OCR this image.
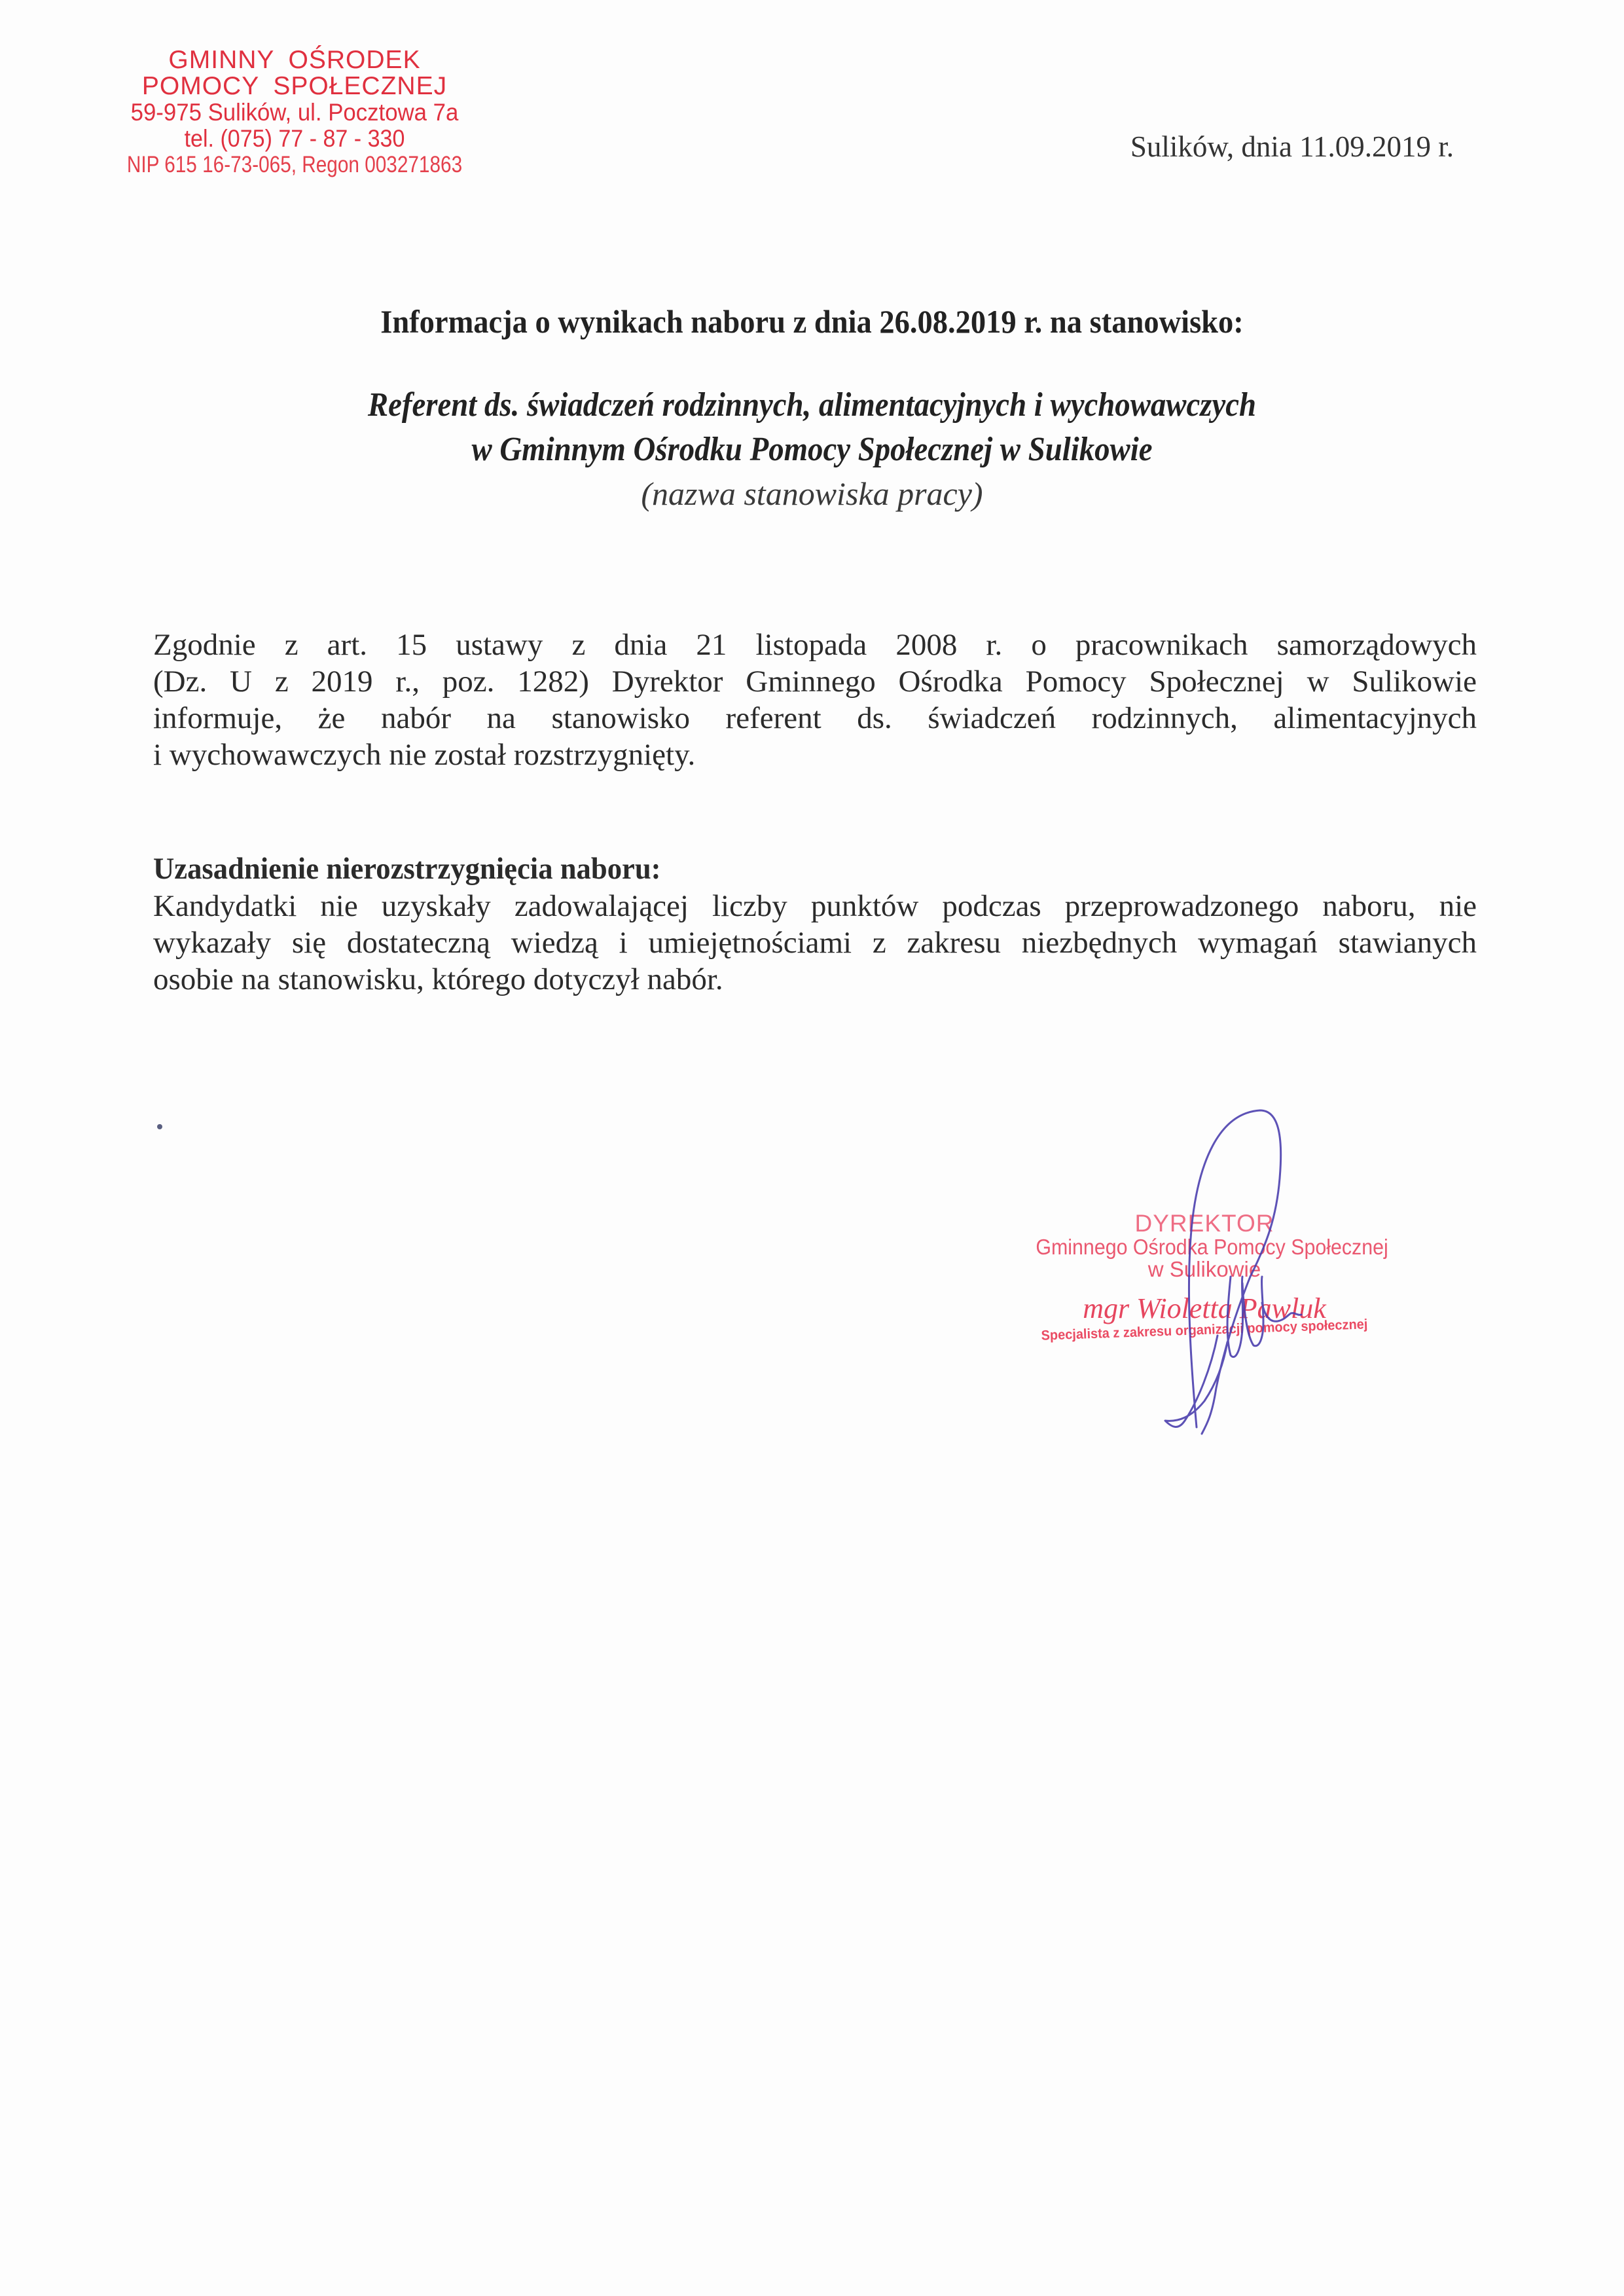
GMINNY OŚRODEK
POMOCY SPOŁECZNEJ
59-975 Sulików, ul. Pocztowa 7a
tel. (075) 77 - 87 - 330
NIP 615 16-73-065, Regon 003271863
Sulików, dnia 11.09.2019 r.
Informacja o wynikach naboru z dnia 26.08.2019 r. na stanowisko:
Referent ds. świadczeń rodzinnych, alimentacyjnych i wychowawczych
w Gminnym Ośrodku Pomocy Społecznej w Sulikowie
(nazwa stanowiska pracy)
Zgodnie z art. 15 ustawy z dnia 21 listopada 2008 r. o pracownikach samorządowych
(Dz. U z 2019 r., poz. 1282) Dyrektor Gminnego Ośrodka Pomocy Społecznej w Sulikowie
informuje, że nabór na stanowisko referent ds. świadczeń rodzinnych, alimentacyjnych
i wychowawczych nie został rozstrzygnięty.
Uzasadnienie nierozstrzygnięcia naboru:
Kandydatki nie uzyskały zadowalającej liczby punktów podczas przeprowadzonego naboru, nie
wykazały się dostateczną wiedzą i umiejętnościami z zakresu niezbędnych wymagań stawianych
osobie na stanowisku, którego dotyczył nabór.
DYREKTOR
Gminnego Ośrodka Pomocy Społecznej
w Sulikowie
mgr Wioletta Pawluk
Specjalista z zakresu organizacji pomocy społecznej
